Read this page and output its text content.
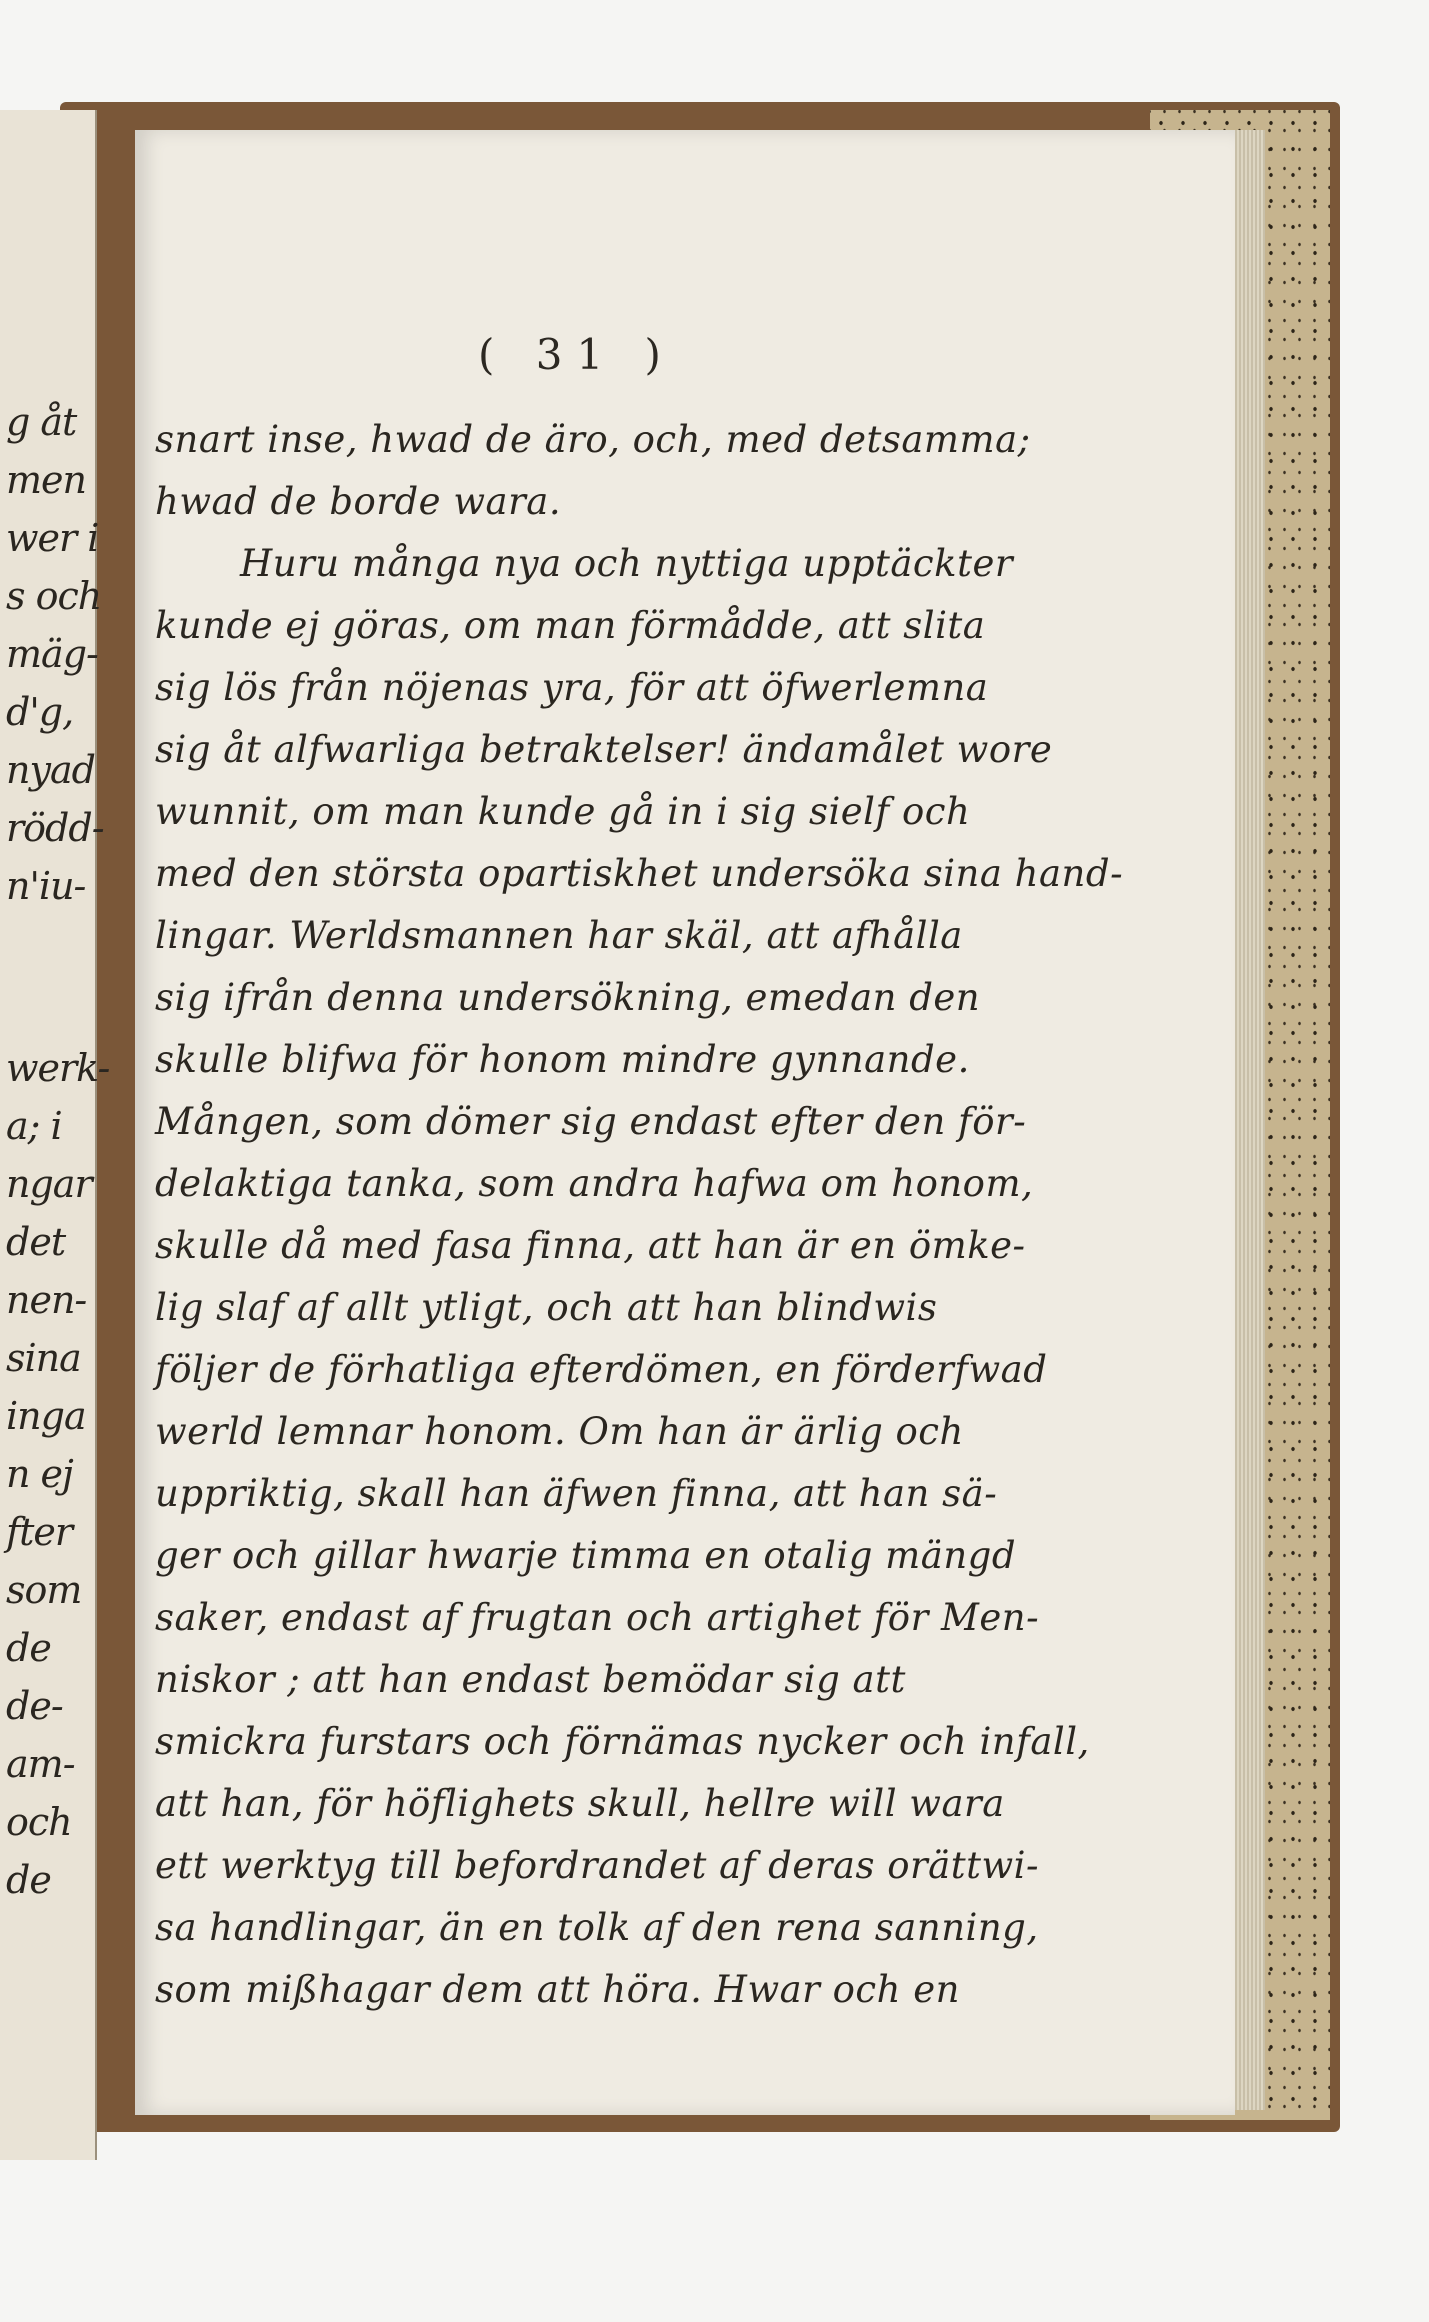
g åt
men
wer i
s och
mäg-
d'g,
nyad
rödd-
n'iu-
werk-
a; i
ngar
det
nen-
sina
inga
n ej
fter
som
de
de-
am-
och
de
( 31 )
snart inse, hwad de äro, och, med detsamma;
hwad de borde wara.
Huru många nya och nyttiga upptäckter
kunde ej göras, om man förmådde, att slita
sig lös från nöjenas yra, för att öfwerlemna
sig åt alfwarliga betraktelser! ändamålet wore
wunnit, om man kunde gå in i sig sielf och
med den största opartiskhet undersöka sina hand-
lingar. Werldsmannen har skäl, att afhålla
sig ifrån denna undersökning, emedan den
skulle blifwa för honom mindre gynnande.
Mången, som dömer sig endast efter den för-
delaktiga tanka, som andra hafwa om honom,
skulle då med fasa finna, att han är en ömke-
lig slaf af allt ytligt, och att han blindwis
följer de förhatliga efterdömen, en förderfwad
werld lemnar honom. Om han är ärlig och
uppriktig, skall han äfwen finna, att han sä-
ger och gillar hwarje timma en otalig mängd
saker, endast af frugtan och artighet för Men-
niskor ; att han endast bemödar sig att
smickra furstars och förnämas nycker och infall,
att han, för höflighets skull, hellre will wara
ett werktyg till befordrandet af deras orättwi-
sa handlingar, än en tolk af den rena sanning,
som mißhagar dem att höra. Hwar och en
